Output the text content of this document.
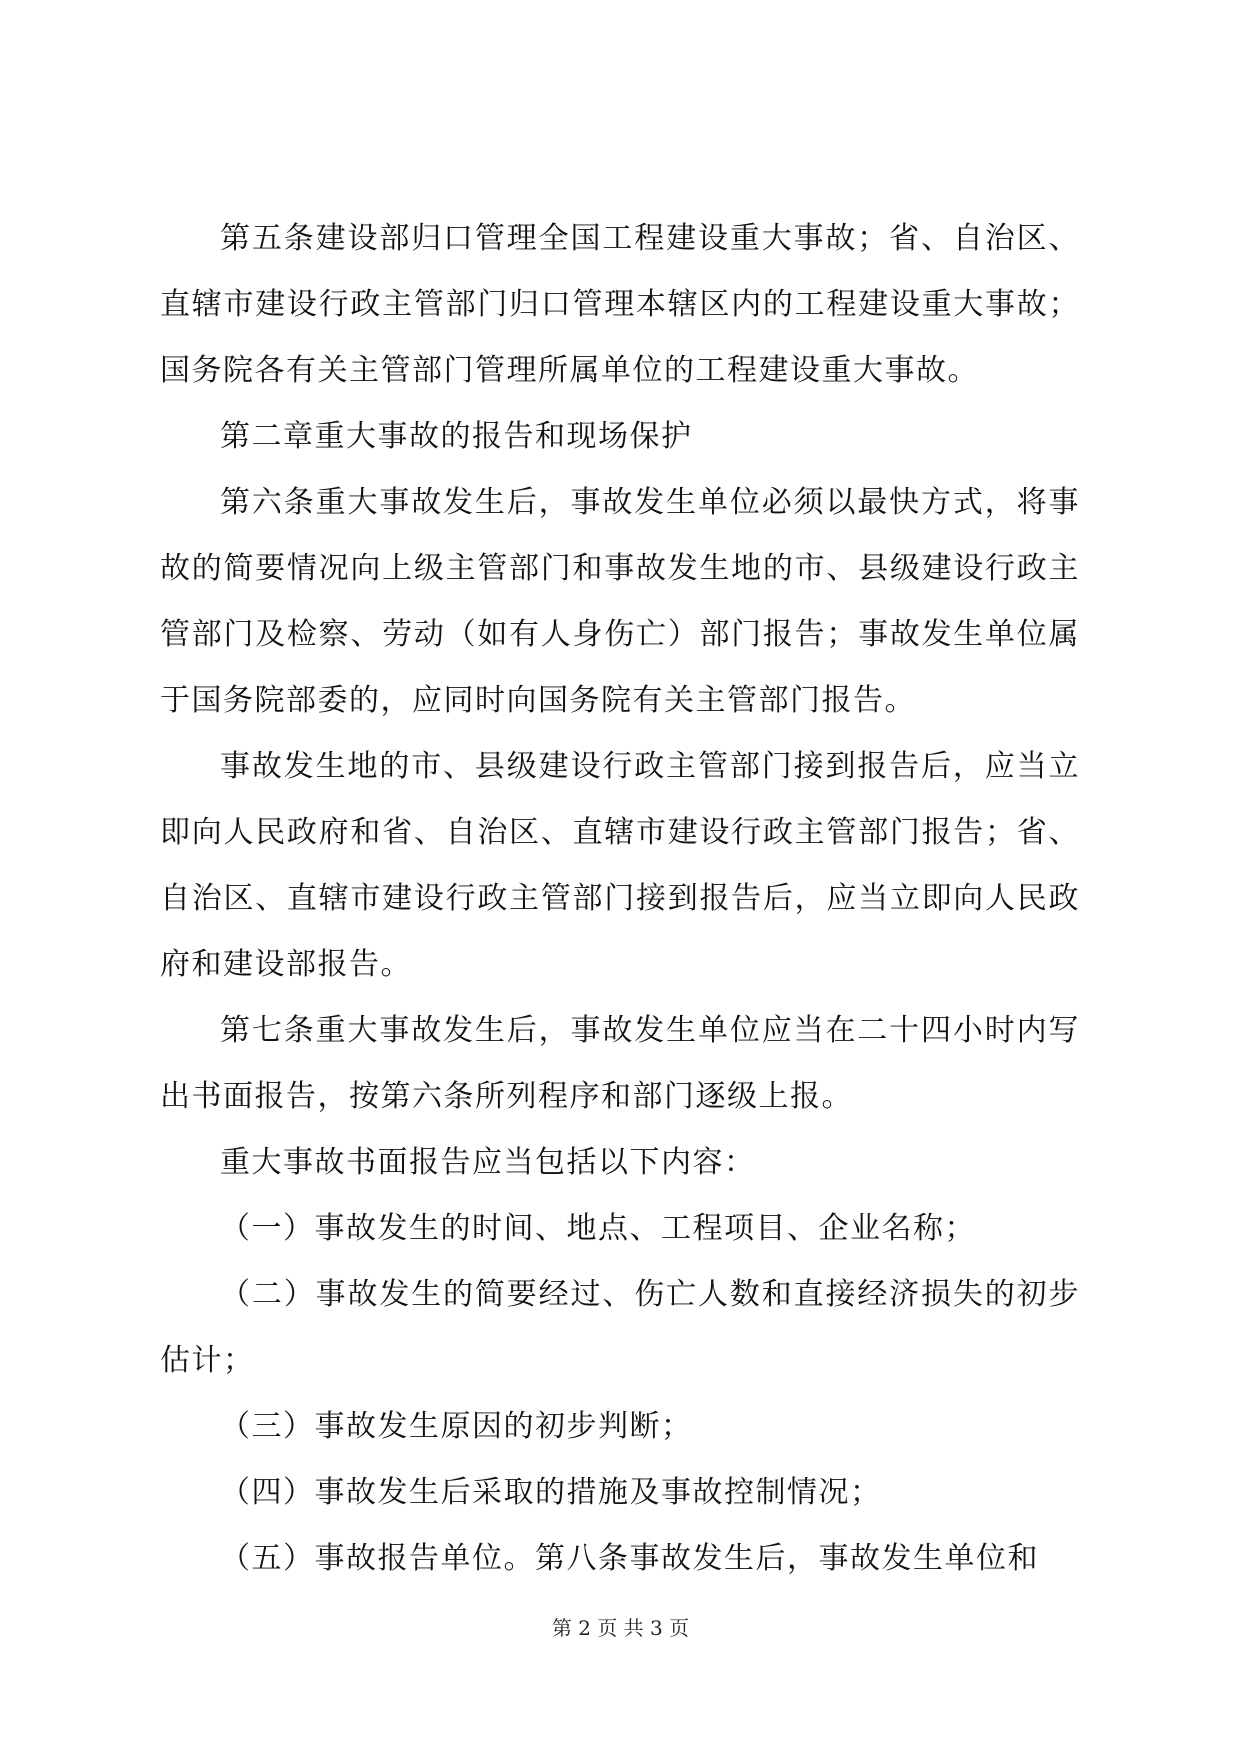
第五条建设部归口管理全国工程建设重大事故；省、自治区、直辖市建设行政主管部门归口管理本辖区内的工程建设重大事故；国务院各有关主管部门管理所属单位的工程建设重大事故。

第二章重大事故的报告和现场保护

第六条重大事故发生后，事故发生单位必须以最快方式，将事故的简要情况向上级主管部门和事故发生地的市、县级建设行政主管部门及检察、劳动（如有人身伤亡）部门报告；事故发生单位属于国务院部委的，应同时向国务院有关主管部门报告。

事故发生地的市、县级建设行政主管部门接到报告后，应当立即向人民政府和省、自治区、直辖市建设行政主管部门报告；省、自治区、直辖市建设行政主管部门接到报告后，应当立即向人民政府和建设部报告。

第七条重大事故发生后，事故发生单位应当在二十四小时内写出书面报告，按第六条所列程序和部门逐级上报。

重大事故书面报告应当包括以下内容：

（一）事故发生的时间、地点、工程项目、企业名称；

（二）事故发生的简要经过、伤亡人数和直接经济损失的初步估计；

（三）事故发生原因的初步判断；

（四）事故发生后采取的措施及事故控制情况；

（五）事故报告单位。第八条事故发生后，事故发生单位和

第 2 页 共 3 页
